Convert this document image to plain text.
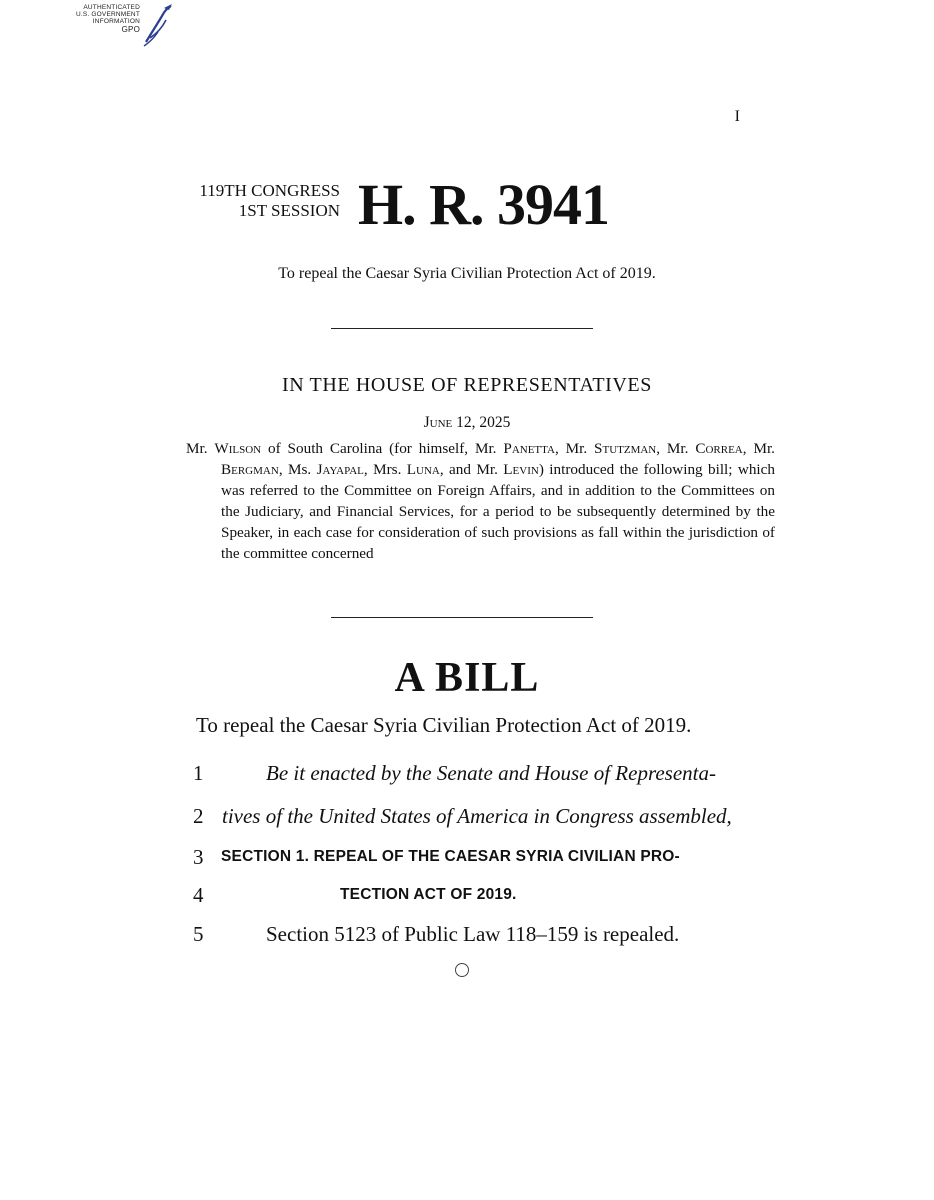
AUTHENTICATED
U.S. GOVERNMENT
INFORMATION
GPO
I
119TH CONGRESS
1ST SESSION H. R. 3941
To repeal the Caesar Syria Civilian Protection Act of 2019.
IN THE HOUSE OF REPRESENTATIVES
June 12, 2025
Mr. Wilson of South Carolina (for himself, Mr. Panetta, Mr. Stutzman, Mr. Correa, Mr. Bergman, Ms. Jayapal, Mrs. Luna, and Mr. Levin) introduced the following bill; which was referred to the Committee on Foreign Affairs, and in addition to the Committees on the Judiciary, and Financial Services, for a period to be subsequently determined by the Speaker, in each case for consideration of such provisions as fall within the jurisdiction of the committee concerned
A BILL
To repeal the Caesar Syria Civilian Protection Act of 2019.
1	Be it enacted by the Senate and House of Representa-
2 tives of the United States of America in Congress assembled,
3	SECTION 1. REPEAL OF THE CAESAR SYRIA CIVILIAN PRO-
4	TECTION ACT OF 2019.
5	Section 5123 of Public Law 118–159 is repealed.
